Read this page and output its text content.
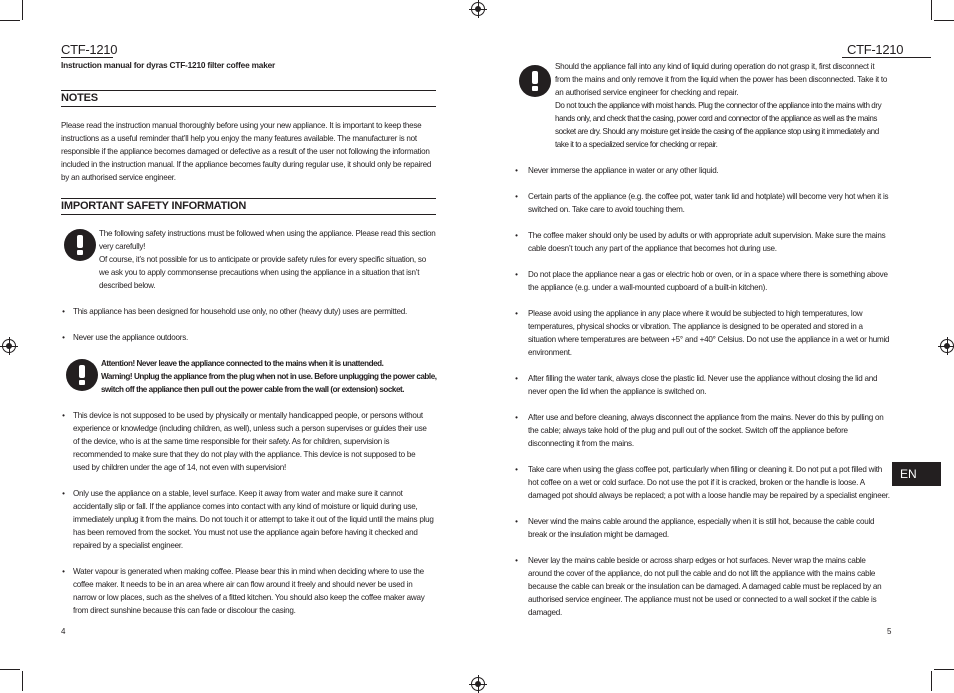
CTF-1210
Instruction manual for dyras CTF-1210 filter coffee maker
NOTES

Please read the instruction manual thoroughly before using your new appliance. It is important to keep these instructions as a useful reminder that’ll help you enjoy the many features available. The manufacturer is not responsible if the appliance becomes damaged or defective as a result of the user not following the information included in the instruction manual. If the appliance becomes faulty during regular use, it should only be repaired by an authorised service engineer.

IMPORTANT SAFETY INFORMATION

The following safety instructions must be followed when using the appliance. Please read this section very carefully!

Of course, it’s not possible for us to anticipate or provide safety rules for every specific situation, so we ask you to apply commonsense precautions when using the appliance in a situation that isn’t described below.

• This appliance has been designed for household use only, no other (heavy duty) uses are permitted.

• Never use the appliance outdoors.

Attention! Never leave the appliance connected to the mains when it is unattended.

Warning! Unplug the appliance from the plug when not in use. Before unplugging the power cable, switch off the appliance then pull out the power cable from the wall (or extension) socket.

• This device is not supposed to be used by physically or mentally handicapped people, or persons without experience or knowledge (including children, as well), unless such a person supervises or guides their use of the device, who is at the same time responsible for their safety. As for children, supervision is recommended to make sure that they do not play with the appliance. This device is not supposed to be used by children under the age of 14, not even with supervision!

• Only use the appliance on a stable, level surface. Keep it away from water and make sure it cannot accidentally slip or fall. If the appliance comes into contact with any kind of moisture or liquid during use, immediately unplug it from the mains. Do not touch it or attempt to take it out of the liquid until the mains plug has been removed from the socket. You must not use the appliance again before having it checked and repaired by a specialist engineer.

• Water vapour is generated when making coffee. Please bear this in mind when deciding where to use the coffee maker. It needs to be in an area where air can flow around it freely and should never be used in narrow or low places, such as the shelves of a fitted kitchen. You should also keep the coffee maker away from direct sunshine because this can fade or discolour the casing.

4
CTF-1210

Should the appliance fall into any kind of liquid during operation do not grasp it, first disconnect it from the mains and only remove it from the liquid when the power has been disconnected. Take it to an authorised service engineer for checking and repair.

Do not touch the appliance with moist hands. Plug the connector of the appliance into the mains with dry hands only, and check that the casing, power cord and connector of the appliance as well as the mains socket are dry. Should any moisture get inside the casing of the appliance stop using it immediately and take it to a specialized service for checking or repair.

• Never immerse the appliance in water or any other liquid.

• Certain parts of the appliance (e.g. the coffee pot, water tank lid and hotplate) will become very hot when it is switched on. Take care to avoid touching them.

• The coffee maker should only be used by adults or with appropriate adult supervision. Make sure the mains cable doesn’t touch any part of the appliance that becomes hot during use.

• Do not place the appliance near a gas or electric hob or oven, or in a space where there is something above the appliance (e.g. under a wall-mounted cupboard of a built-in kitchen).

• Please avoid using the appliance in any place where it would be subjected to high temperatures, low temperatures, physical shocks or vibration. The appliance is designed to be operated and stored in a situation where temperatures are between +5° and +40° Celsius. Do not use the appliance in a wet or humid environment.

• After filling the water tank, always close the plastic lid. Never use the appliance without closing the lid and never open the lid when the appliance is switched on.

• After use and before cleaning, always disconnect the appliance from the mains. Never do this by pulling on the cable; always take hold of the plug and pull out of the socket. Switch off the appliance before disconnecting it from the mains.

• Take care when using the glass coffee pot, particularly when filling or cleaning it. Do not put a pot filled with hot coffee on a wet or cold surface. Do not use the pot if it is cracked, broken or the handle is loose. A damaged pot should always be replaced; a pot with a loose handle may be repaired by a specialist engineer.

• Never wind the mains cable around the appliance, especially when it is still hot, because the cable could break or the insulation might be damaged.

• Never lay the mains cable beside or across sharp edges or hot surfaces. Never wrap the mains cable around the cover of the appliance, do not pull the cable and do not lift the appliance with the mains cable because the cable can break or the insulation can be damaged. A damaged cable must be replaced by an authorised service engineer. The appliance must not be used or connected to a wall socket if the cable is damaged.

5
EN
